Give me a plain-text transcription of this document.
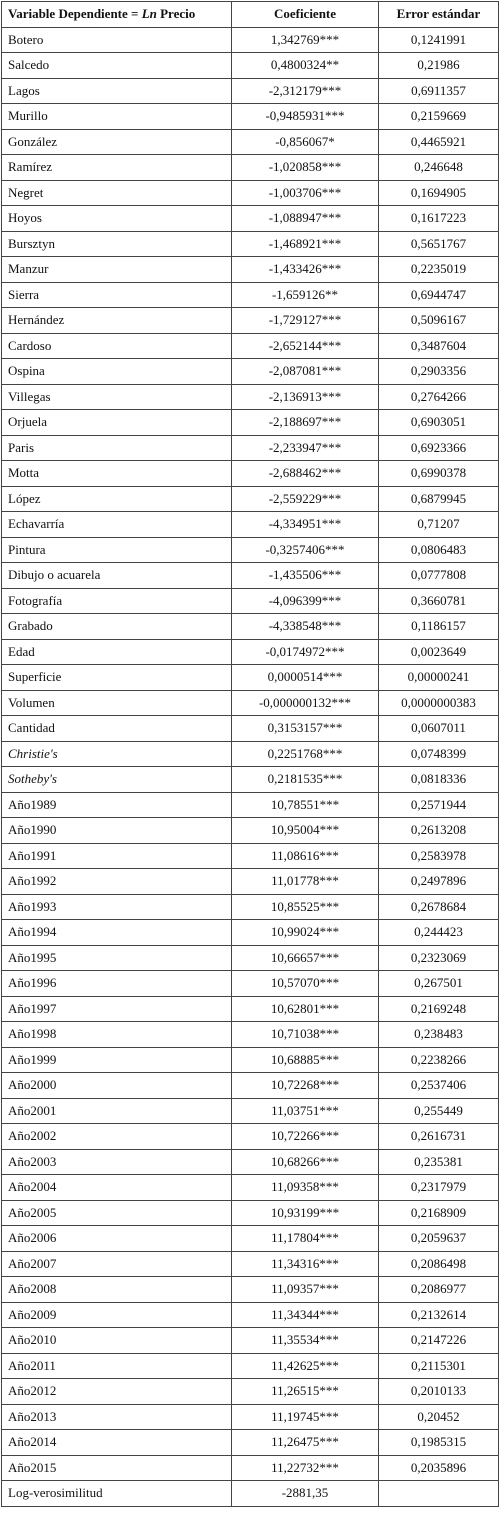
Variable Dependiente = Ln Precio	Coeficiente	Error estándar
Botero	1,342769***	0,1241991
Salcedo	0,4800324**	0,21986
Lagos	-2,312179***	0,6911357
Murillo	-0,9485931***	0,2159669
González	-0,856067*	0,4465921
Ramírez	-1,020858***	0,246648
Negret	-1,003706***	0,1694905
Hoyos	-1,088947***	0,1617223
Bursztyn	-1,468921***	0,5651767
Manzur	-1,433426***	0,2235019
Sierra	-1,659126**	0,6944747
Hernández	-1,729127***	0,5096167
Cardoso	-2,652144***	0,3487604
Ospina	-2,087081***	0,2903356
Villegas	-2,136913***	0,2764266
Orjuela	-2,188697***	0,6903051
Paris	-2,233947***	0,6923366
Motta	-2,688462***	0,6990378
López	-2,559229***	0,6879945
Echavarría	-4,334951***	0,71207
Pintura	-0,3257406***	0,0806483
Dibujo o acuarela	-1,435506***	0,0777808
Fotografía	-4,096399***	0,3660781
Grabado	-4,338548***	0,1186157
Edad	-0,0174972***	0,0023649
Superficie	0,0000514***	0,00000241
Volumen	-0,000000132***	0,0000000383
Cantidad	0,3153157***	0,0607011
Christie's	0,2251768***	0,0748399
Sotheby's	0,2181535***	0,0818336
Año1989	10,78551***	0,2571944
Año1990	10,95004***	0,2613208
Año1991	11,08616***	0,2583978
Año1992	11,01778***	0,2497896
Año1993	10,85525***	0,2678684
Año1994	10,99024***	0,244423
Año1995	10,66657***	0,2323069
Año1996	10,57070***	0,267501
Año1997	10,62801***	0,2169248
Año1998	10,71038***	0,238483
Año1999	10,68885***	0,2238266
Año2000	10,72268***	0,2537406
Año2001	11,03751***	0,255449
Año2002	10,72266***	0,2616731
Año2003	10,68266***	0,235381
Año2004	11,09358***	0,2317979
Año2005	10,93199***	0,2168909
Año2006	11,17804***	0,2059637
Año2007	11,34316***	0,2086498
Año2008	11,09357***	0,2086977
Año2009	11,34344***	0,2132614
Año2010	11,35534***	0,2147226
Año2011	11,42625***	0,2115301
Año2012	11,26515***	0,2010133
Año2013	11,19745***	0,20452
Año2014	11,26475***	0,1985315
Año2015	11,22732***	0,2035896
Log-verosimilitud	-2881,35	
